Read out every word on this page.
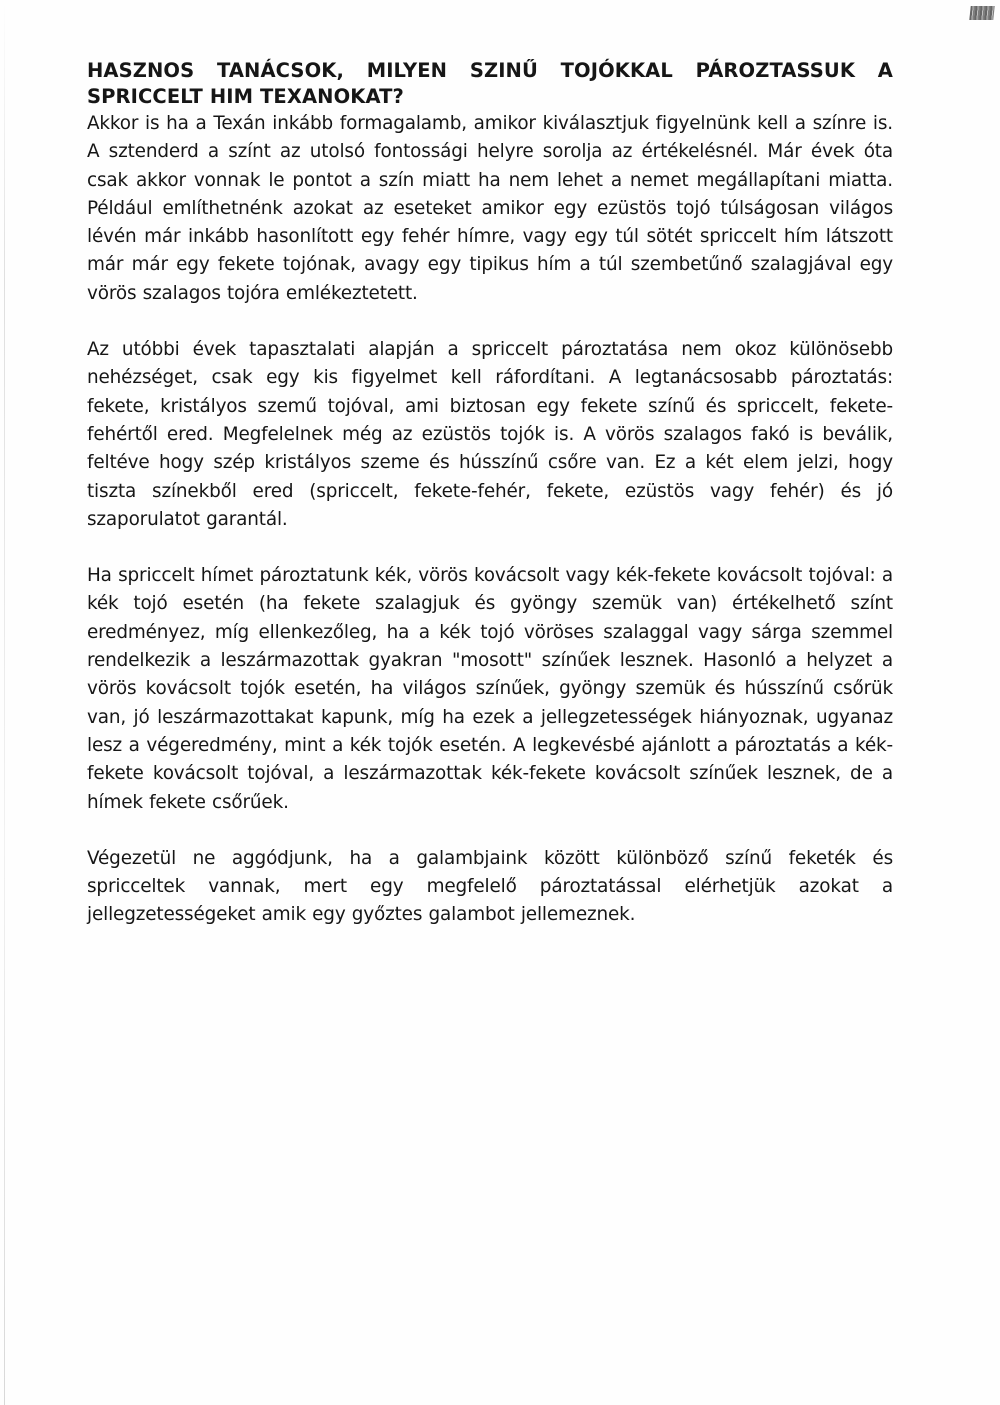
HASZNOS TANÁCSOK, MILYEN SZINŰ TOJÓKKAL PÁROZTASSUK A SPRICCELT HIM TEXANOKAT?

Akkor is ha a Texán inkább formagalamb, amikor kiválasztjuk figyelnünk kell a színre is. A sztenderd a színt az utolsó fontossági helyre sorolja az értékelésnél. Már évek óta csak akkor vonnak le pontot a szín miatt ha nem lehet a nemet megállapítani miatta. Például említhetnénk azokat az eseteket amikor egy ezüstös tojó túlságosan világos lévén már inkább hasonlított egy fehér hímre, vagy egy túl sötét spriccelt hím látszott már már egy fekete tojónak, avagy egy tipikus hím a túl szembetűnő szalagjával egy vörös szalagos tojóra emlékeztetett.

Az utóbbi évek tapasztalati alapján a spriccelt pároztatása nem okoz különösebb nehézséget, csak egy kis figyelmet kell ráfordítani. A legtanácsosabb pároztatás: fekete, kristályos szemű tojóval, ami biztosan egy fekete színű és spriccelt, fekete-fehértől ered. Megfelelnek még az ezüstös tojók is. A vörös szalagos fakó is beválik, feltéve hogy szép kristályos szeme és hússzínű csőre van. Ez a két elem jelzi, hogy tiszta színekből ered (spriccelt, fekete-fehér, fekete, ezüstös vagy fehér) és jó szaporulatot garantál.

Ha spriccelt hímet pároztatunk kék, vörös kovácsolt vagy kék-fekete kovácsolt tojóval: a kék tojó esetén (ha fekete szalagjuk és gyöngy szemük van) értékelhető színt eredményez, míg ellenkezőleg, ha a kék tojó vöröses szalaggal vagy sárga szemmel rendelkezik a leszármazottak gyakran "mosott" színűek lesznek. Hasonló a helyzet a vörös kovácsolt tojók esetén, ha világos színűek, gyöngy szemük és hússzínű csőrük van, jó leszármazottakat kapunk, míg ha ezek a jellegzetességek hiányoznak, ugyanaz lesz a végeredmény, mint a kék tojók esetén. A legkevésbé ajánlott a pároztatás a kék-fekete kovácsolt tojóval, a leszármazottak kék-fekete kovácsolt színűek lesznek, de a hímek fekete csőrűek.

Végezetül ne aggódjunk, ha a galambjaink között különböző színű feketék és spricceltek vannak, mert egy megfelelő pároztatással elérhetjük azokat a jellegzetességeket amik egy győztes galambot jellemeznek.
